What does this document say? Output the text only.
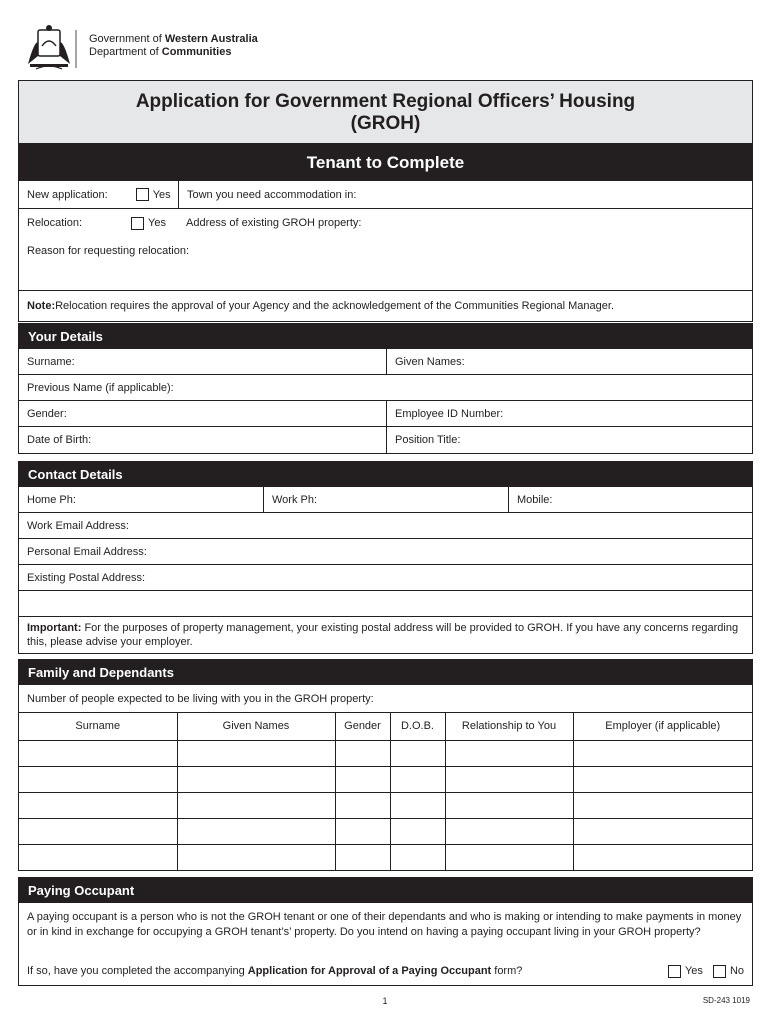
Government of Western Australia
Department of Communities
Application for Government Regional Officers’ Housing
(GROH)
Tenant to Complete
New application:	Yes Town you need accommodation in:
Relocation:	Yes	Address of existing GROH property:
Reason for requesting relocation:
Note: Relocation requires the approval of your Agency and the acknowledgement of the Communities Regional Manager.
Your Details
Surname:	Given Names:
Previous Name (if applicable):
Gender:	Employee ID Number:
Date of Birth:	Position Title:
Contact Details
Home Ph:	Work Ph:	Mobile:
Work Email Address:
Personal Email Address:
Existing Postal Address:
Important: For the purposes of property management, your existing postal address will be provided to GROH. If you have any concerns regarding this, please advise your employer.
Family and Dependants
Number of people expected to be living with you in the GROH property:
Surname	Given Names	Gender	D.O.B.	Relationship to You	Employer (if applicable)

Paying Occupant
A paying occupant is a person who is not the GROH tenant or one of their dependants and who is making or intending to make payments in money or in kind in exchange for occupying a GROH tenant’s’ property. Do you intend on having a paying occupant living in your GROH property?
If so, have you completed the accompanying Application for Approval of a Paying Occupant form?	Yes No
1	SD-243 1019
